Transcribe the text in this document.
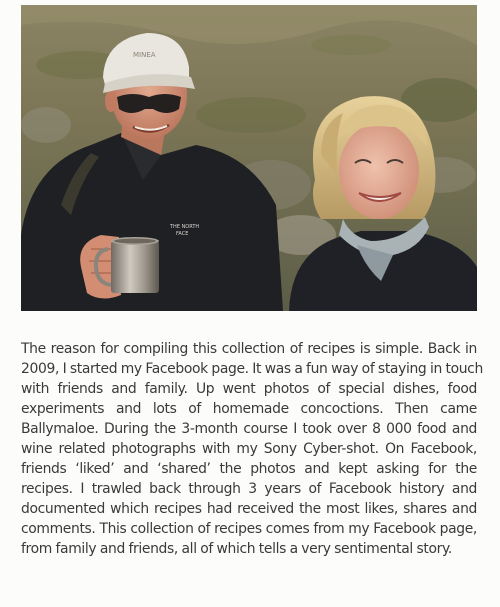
MINEA
THE NORTH
FACE
The reason for compiling this collection of recipes is simple. Back in
2009, I started my Facebook page. It was a fun way of staying in touch
with friends and family. Up went photos of special dishes, food
experiments and lots of homemade concoctions. Then came
Ballymaloe. During the 3-month course I took over 8 000 food and
wine related photographs with my Sony Cyber-shot. On Facebook,
friends ‘liked’ and ‘shared’ the photos and kept asking for the
recipes. I trawled back through 3 years of Facebook history and
documented which recipes had received the most likes, shares and
comments. This collection of recipes comes from my Facebook page,
from family and friends, all of which tells a very sentimental story.
